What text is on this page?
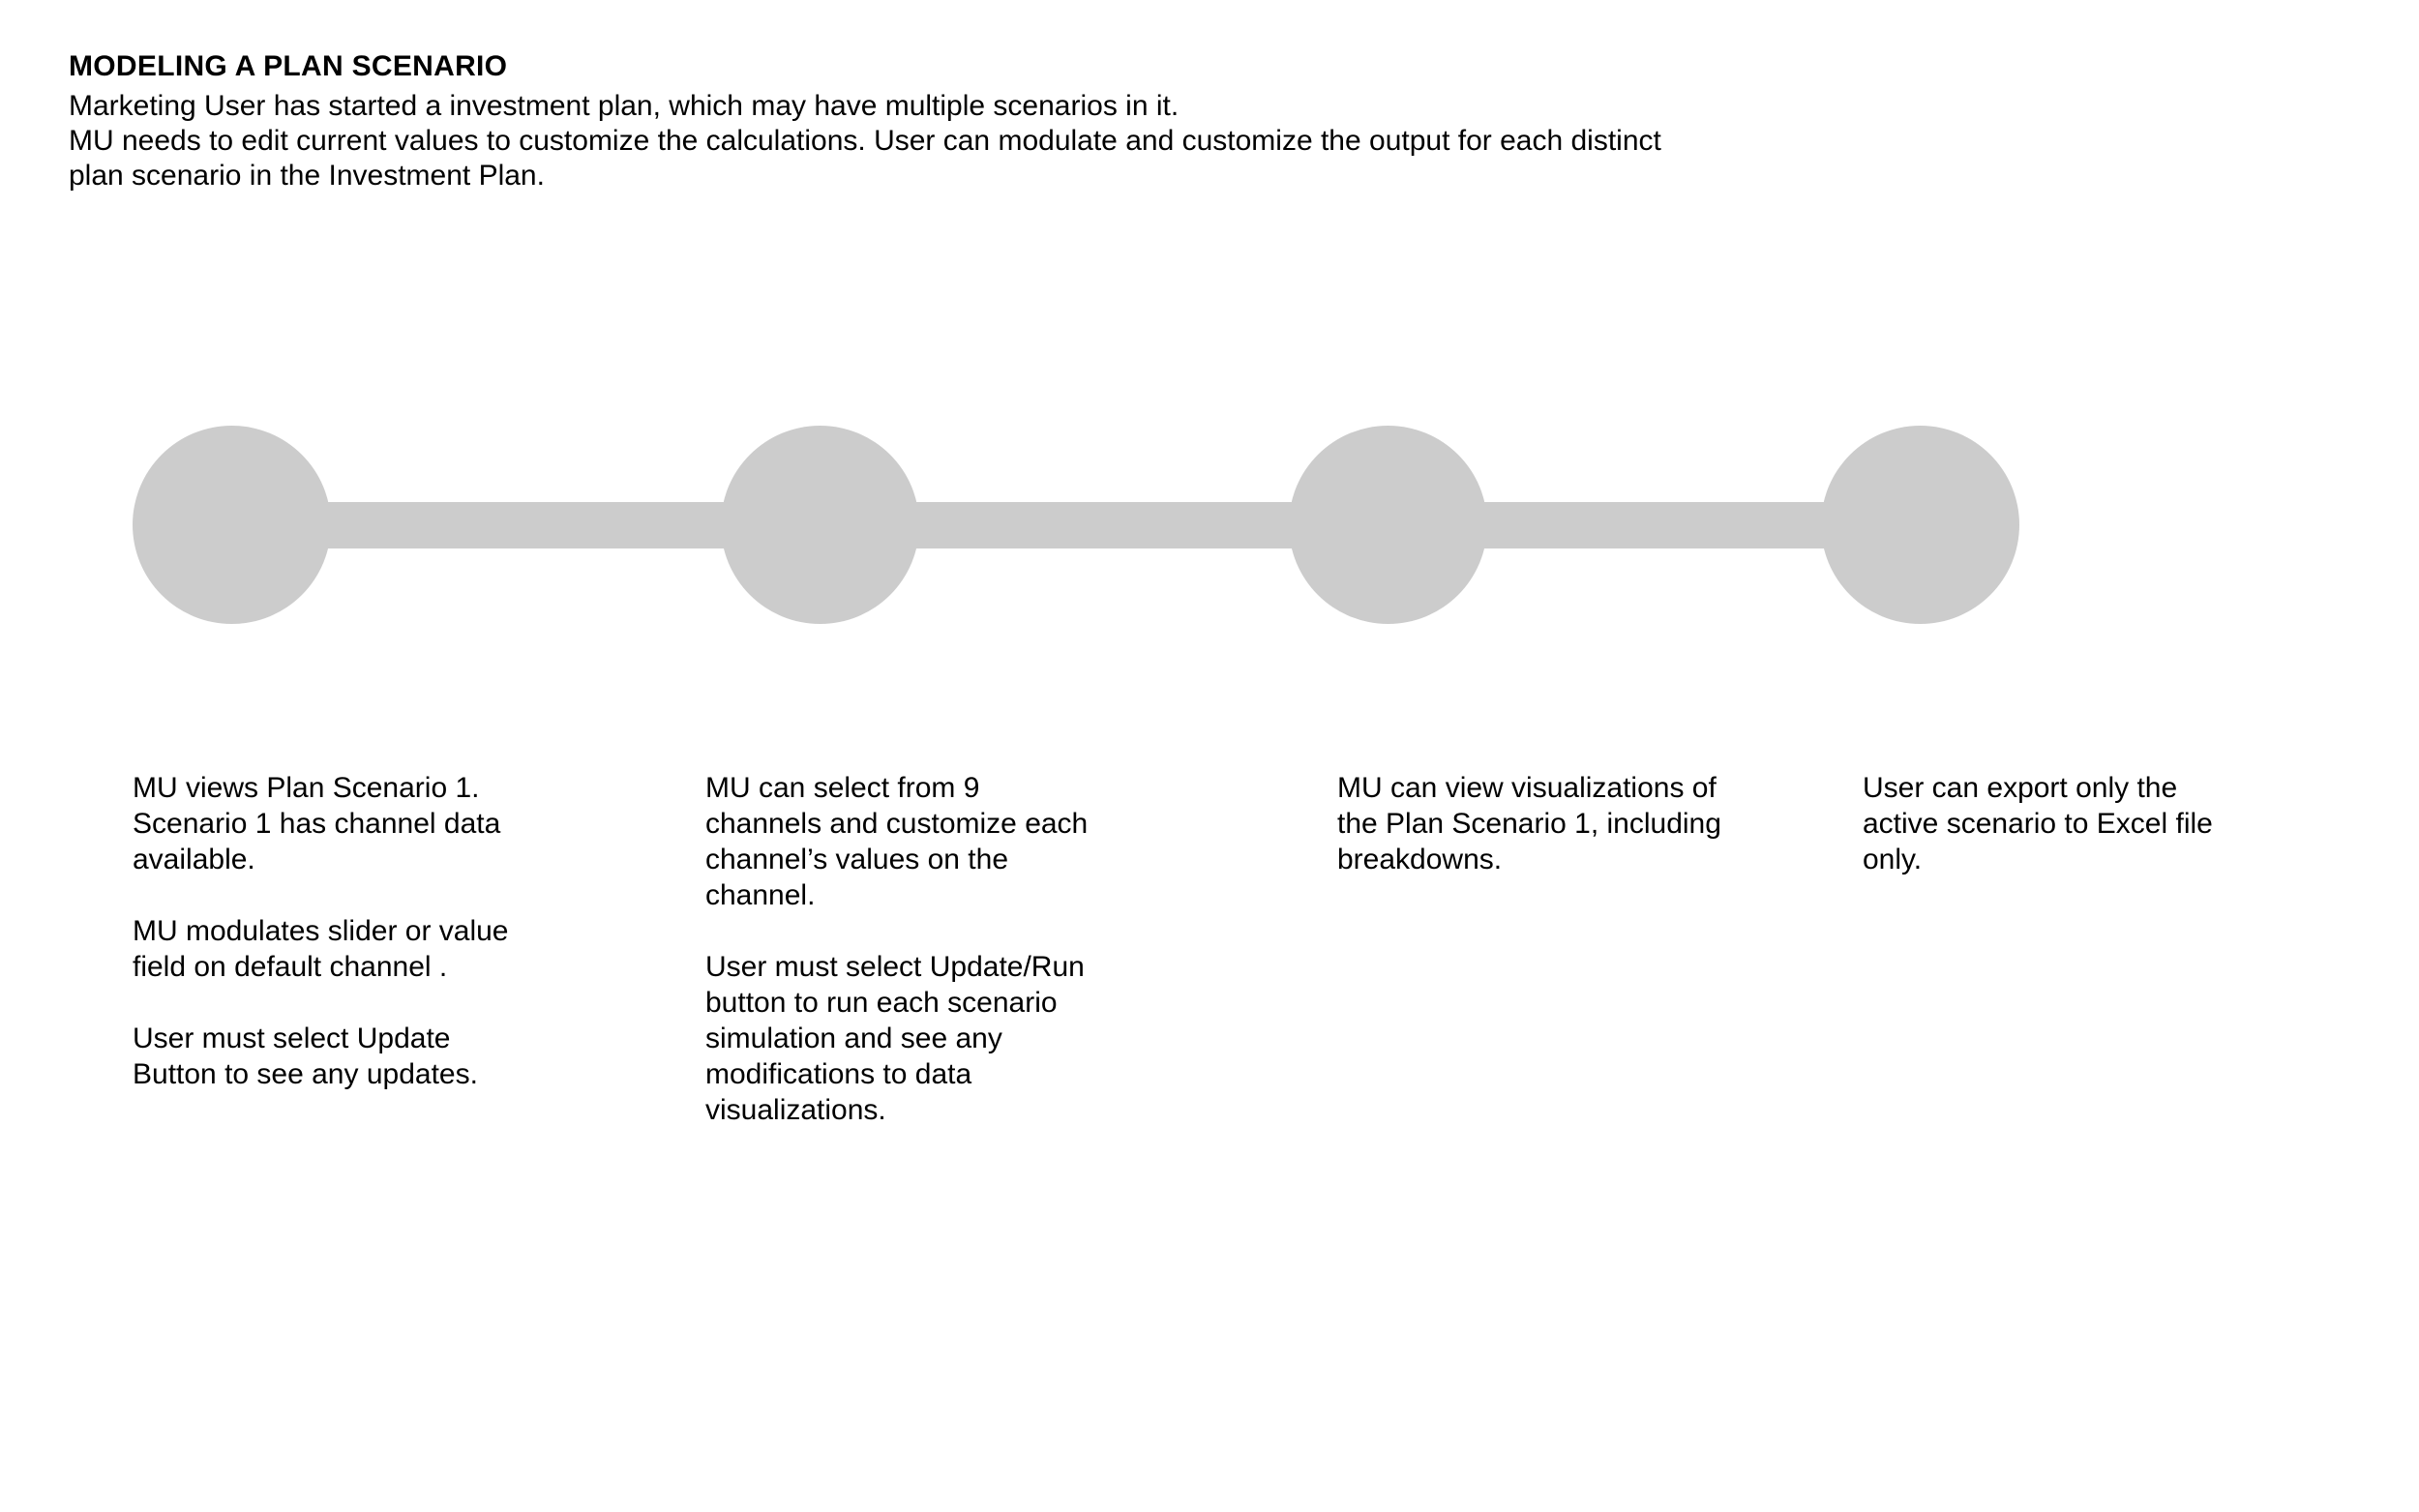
MODELING A PLAN SCENARIO

Marketing User has started a investment plan, which may have multiple scenarios in it.

MU needs to edit current values to customize the calculations. User can modulate and customize the output for each distinct

plan scenario in the Investment Plan.

MU views Plan Scenario 1.
Scenario 1 has channel data
available.

MU modulates slider or value
field on default channel .

User must select Update
Button to see any updates.

MU can select from 9
channels and customize each
channel’s values on the
channel.

User must select Update/Run
button to run each scenario
simulation and see any
modifications to data
visualizations.

MU can view visualizations of
the Plan Scenario 1, including
breakdowns.

User can export only the
active scenario to Excel file
only.
